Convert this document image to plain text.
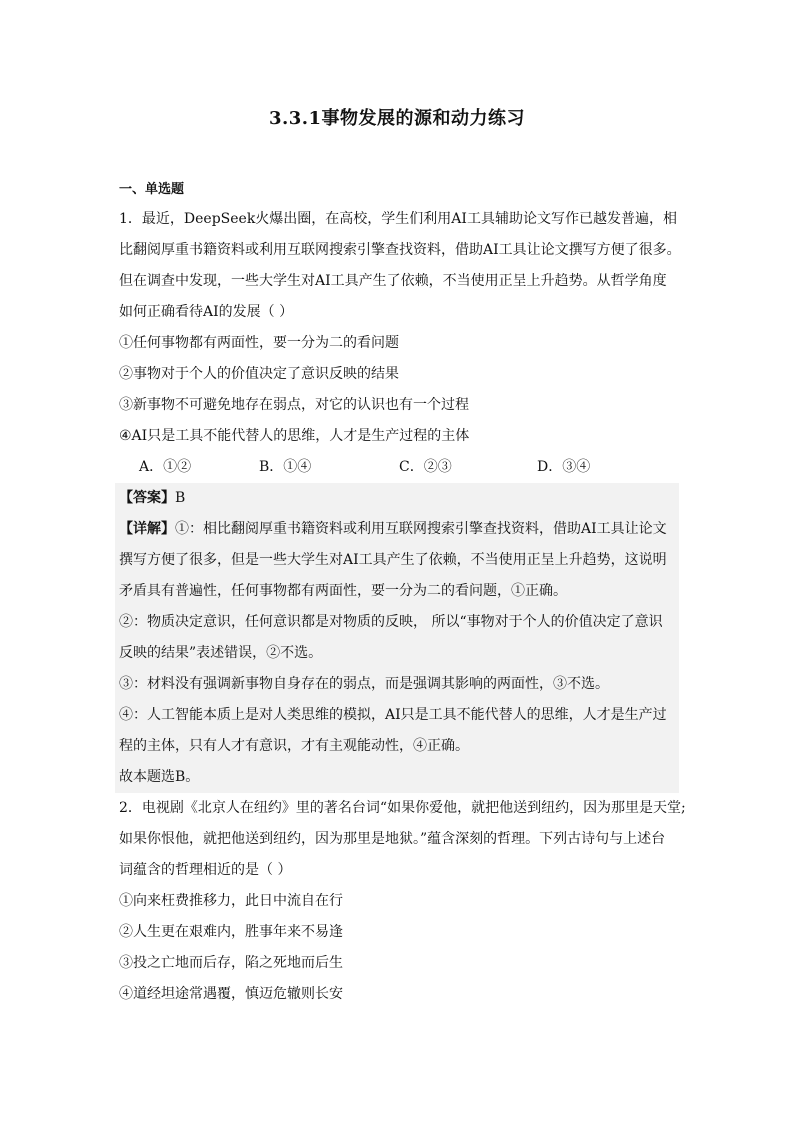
3.3.1事物发展的源和动力练习
一、单选题
1．最近，DeepSeek火爆出圈，在高校，学生们利用AI工具辅助论文写作已越发普遍，相
比翻阅厚重书籍资料或利用互联网搜索引擎查找资料，借助AI工具让论文撰写方便了很多。
但在调查中发现，一些大学生对AI工具产生了依赖，不当使用正呈上升趋势。从哲学角度
如何正确看待AI的发展（ ）
①任何事物都有两面性，要一分为二的看问题
②事物对于个人的价值决定了意识反映的结果
③新事物不可避免地存在弱点，对它的认识也有一个过程
④AI只是工具不能代替人的思维，人才是生产过程的主体
A．①②	B．①④	C．②③	D．③④
【答案】B
【详解】①：相比翻阅厚重书籍资料或利用互联网搜索引擎查找资料，借助AI工具让论文
撰写方便了很多，但是一些大学生对AI工具产生了依赖，不当使用正呈上升趋势，这说明
矛盾具有普遍性，任何事物都有两面性，要一分为二的看问题，①正确。
②：物质决定意识，任何意识都是对物质的反映， 所以“事物对于个人的价值决定了意识
反映的结果”表述错误，②不选。
③：材料没有强调新事物自身存在的弱点，而是强调其影响的两面性，③不选。
④：人工智能本质上是对人类思维的模拟，AI只是工具不能代替人的思维，人才是生产过
程的主体，只有人才有意识，才有主观能动性，④正确。
故本题选B。
2．电视剧《北京人在纽约》里的著名台词“如果你爱他，就把他送到纽约，因为那里是天堂;
如果你恨他，就把他送到纽约，因为那里是地狱。”蕴含深刻的哲理。下列古诗句与上述台
词蕴含的哲理相近的是（ ）
①向来枉费推移力，此日中流自在行
②人生更在艰难内，胜事年来不易逢
③投之亡地而后存，陷之死地而后生
④道经坦途常遇覆，慎迈危辙则长安
